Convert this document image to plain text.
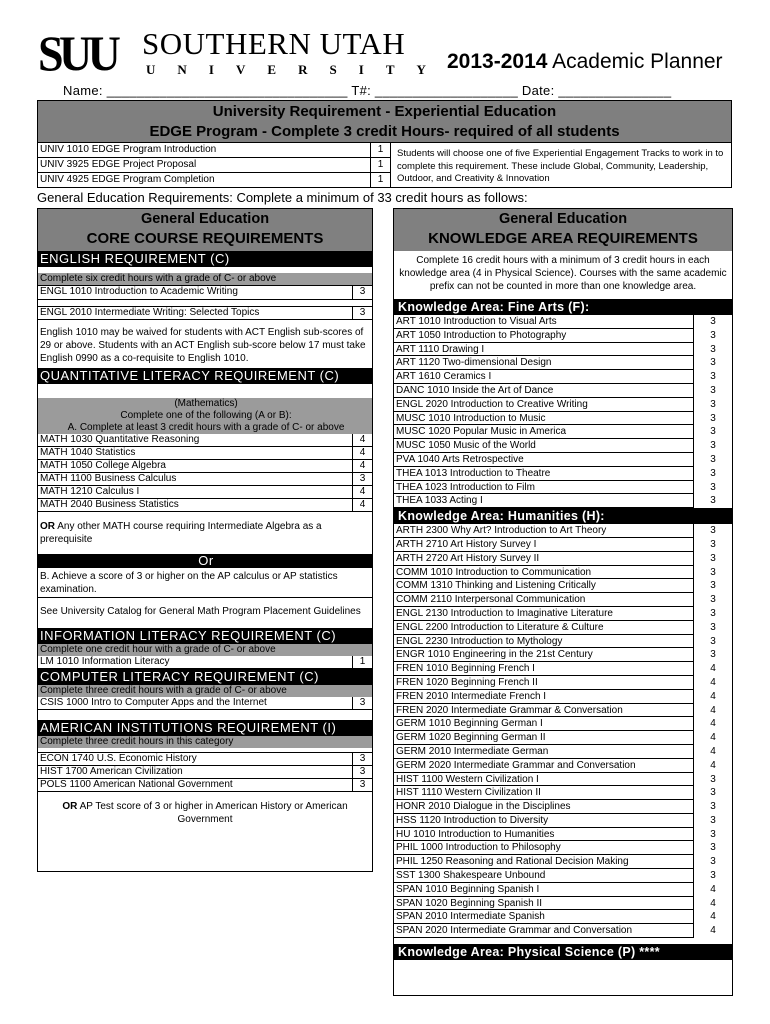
SUU SOUTHERN UTAH
U N I V E R S I T Y 2013-2014 Academic Planner
Name: ________________________________ T#: ___________________ Date: _______________
University Requirement - Experiential Education
EDGE Program - Complete 3 credit Hours- required of all students
UNIV 1010 EDGE Program Introduction	1
UNIV 3925 EDGE Project Proposal	1
UNIV 4925 EDGE Program Completion	1
Students will choose one of five Experiential Engagement Tracks to work in to complete this requirement. These include Global, Community, Leadership, Outdoor, and Creativity & Innovation
General Education Requirements: Complete a minimum of 33 credit hours as follows:
General Education
CORE COURSE REQUIREMENTS
ENGLISH REQUIREMENT (C)
Complete six credit hours with a grade of C- or above
ENGL 1010 Introduction to Academic Writing	3
ENGL 2010 Intermediate Writing: Selected Topics	3
English 1010 may be waived for students with ACT English sub-scores of 29 or above. Students with an ACT English sub-score below 17 must take English 0990 as a co-requisite to English 1010.
QUANTITATIVE LITERACY REQUIREMENT (C)
(Mathematics)
Complete one of the following (A or B):
A. Complete at least 3 credit hours with a grade of C- or above
MATH 1030 Quantitative Reasoning	4
MATH 1040 Statistics	4
MATH 1050 College Algebra	4
MATH 1100 Business Calculus	3
MATH 1210 Calculus I	4
MATH 2040 Business Statistics	4
OR Any other MATH course requiring Intermediate Algebra as a prerequisite
Or
B. Achieve a score of 3 or higher on the AP calculus or AP statistics examination.
See University Catalog for General Math Program Placement Guidelines
INFORMATION LITERACY REQUIREMENT (C)
Complete one credit hour with a grade of C- or above
LM 1010 Information Literacy	1
COMPUTER LITERACY REQUIREMENT (C)
Complete three credit hours with a grade of C- or above
CSIS 1000 Intro to Computer Apps and the Internet	3
AMERICAN INSTITUTIONS REQUIREMENT (I)
Complete three credit hours in this category
ECON 1740 U.S. Economic History	3
HIST 1700 American Civilization	3
POLS 1100 American National Government	3
OR AP Test score of 3 or higher in American History or American Government
General Education
KNOWLEDGE AREA REQUIREMENTS
Complete 16 credit hours with a minimum of 3 credit hours in each knowledge area (4 in Physical Science). Courses with the same academic prefix can not be counted in more than one knowledge area.
Knowledge Area: Fine Arts (F):
ART 1010 Introduction to Visual Arts	3
ART 1050 Introduction to Photography	3
ART 1110 Drawing I	3
ART 1120 Two-dimensional Design	3
ART 1610 Ceramics I	3
DANC 1010 Inside the Art of Dance	3
ENGL 2020 Introduction to Creative Writing	3
MUSC 1010 Introduction to Music	3
MUSC 1020 Popular Music in America	3
MUSC 1050 Music of the World	3
PVA 1040 Arts Retrospective	3
THEA 1013 Introduction to Theatre	3
THEA 1023 Introduction to Film	3
THEA 1033 Acting I	3
Knowledge Area: Humanities (H):
ARTH 2300 Why Art? Introduction to Art Theory	3
ARTH 2710 Art History Survey I	3
ARTH 2720 Art History Survey II	3
COMM 1010 Introduction to Communication	3
COMM 1310 Thinking and Listening Critically	3
COMM 2110 Interpersonal Communication	3
ENGL 2130 Introduction to Imaginative Literature	3
ENGL 2200 Introduction to Literature & Culture	3
ENGL 2230 Introduction to Mythology	3
ENGR 1010 Engineering in the 21st Century	3
FREN 1010 Beginning French I	4
FREN 1020 Beginning French II	4
FREN 2010 Intermediate French I	4
FREN 2020 Intermediate Grammar & Conversation	4
GERM 1010 Beginning German I	4
GERM 1020 Beginning German II	4
GERM 2010 Intermediate German	4
GERM 2020 Intermediate Grammar and Conversation	4
HIST 1100 Western Civilization I	3
HIST 1110 Western Civilization II	3
HONR 2010 Dialogue in the Disciplines	3
HSS 1120 Introduction to Diversity	3
HU 1010 Introduction to Humanities	3
PHIL 1000 Introduction to Philosophy	3
PHIL 1250 Reasoning and Rational Decision Making	3
SST 1300 Shakespeare Unbound	3
SPAN 1010 Beginning Spanish I	4
SPAN 1020 Beginning Spanish II	4
SPAN 2010 Intermediate Spanish	4
SPAN 2020 Intermediate Grammar and Conversation	4
Knowledge Area: Physical Science (P) ****
